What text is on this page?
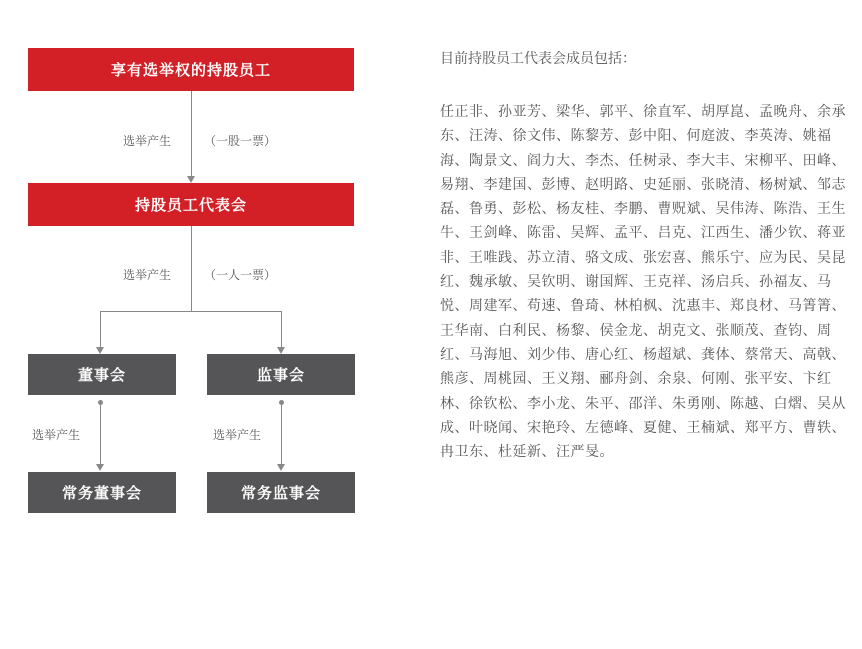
享有选举权的持股员工
选举产生	（一股一票）
持股员工代表会
选举产生	（一人一票）
董事会	监事会
选举产生	选举产生
常务董事会	常务监事会
目前持股员工代表会成员包括：
任正非、孙亚芳、梁华、郭平、徐直军、胡厚崑、孟晚舟、余承东、汪涛、徐文伟、陈黎芳、彭中阳、何庭波、李英涛、姚福海、陶景文、阎力大、李杰、任树录、李大丰、宋柳平、田峰、易翔、李建国、彭博、赵明路、史延丽、张晓清、杨树斌、邹志磊、鲁勇、彭松、杨友桂、李鹏、曹贶斌、吴伟涛、陈浩、王生牛、王剑峰、陈雷、吴辉、孟平、吕克、江西生、潘少钦、蒋亚非、王唯践、苏立清、骆文成、张宏喜、熊乐宁、应为民、吴昆红、魏承敏、吴钦明、谢国辉、王克祥、汤启兵、孙福友、马悦、周建军、苟速、鲁琦、林柏枫、沈惠丰、郑良材、马箐箐、王华南、白利民、杨黎、侯金龙、胡克文、张顺茂、查钧、周红、马海旭、刘少伟、唐心红、杨超斌、龚体、蔡常天、高戟、熊彦、周桃园、王义翔、郦舟剑、余泉、何刚、张平安、卞红林、徐钦松、李小龙、朱平、邵洋、朱勇刚、陈越、白熠、吴从成、叶晓闻、宋艳玲、左德峰、夏健、王楠斌、郑平方、曹轶、冉卫东、杜延新、汪严旻。
